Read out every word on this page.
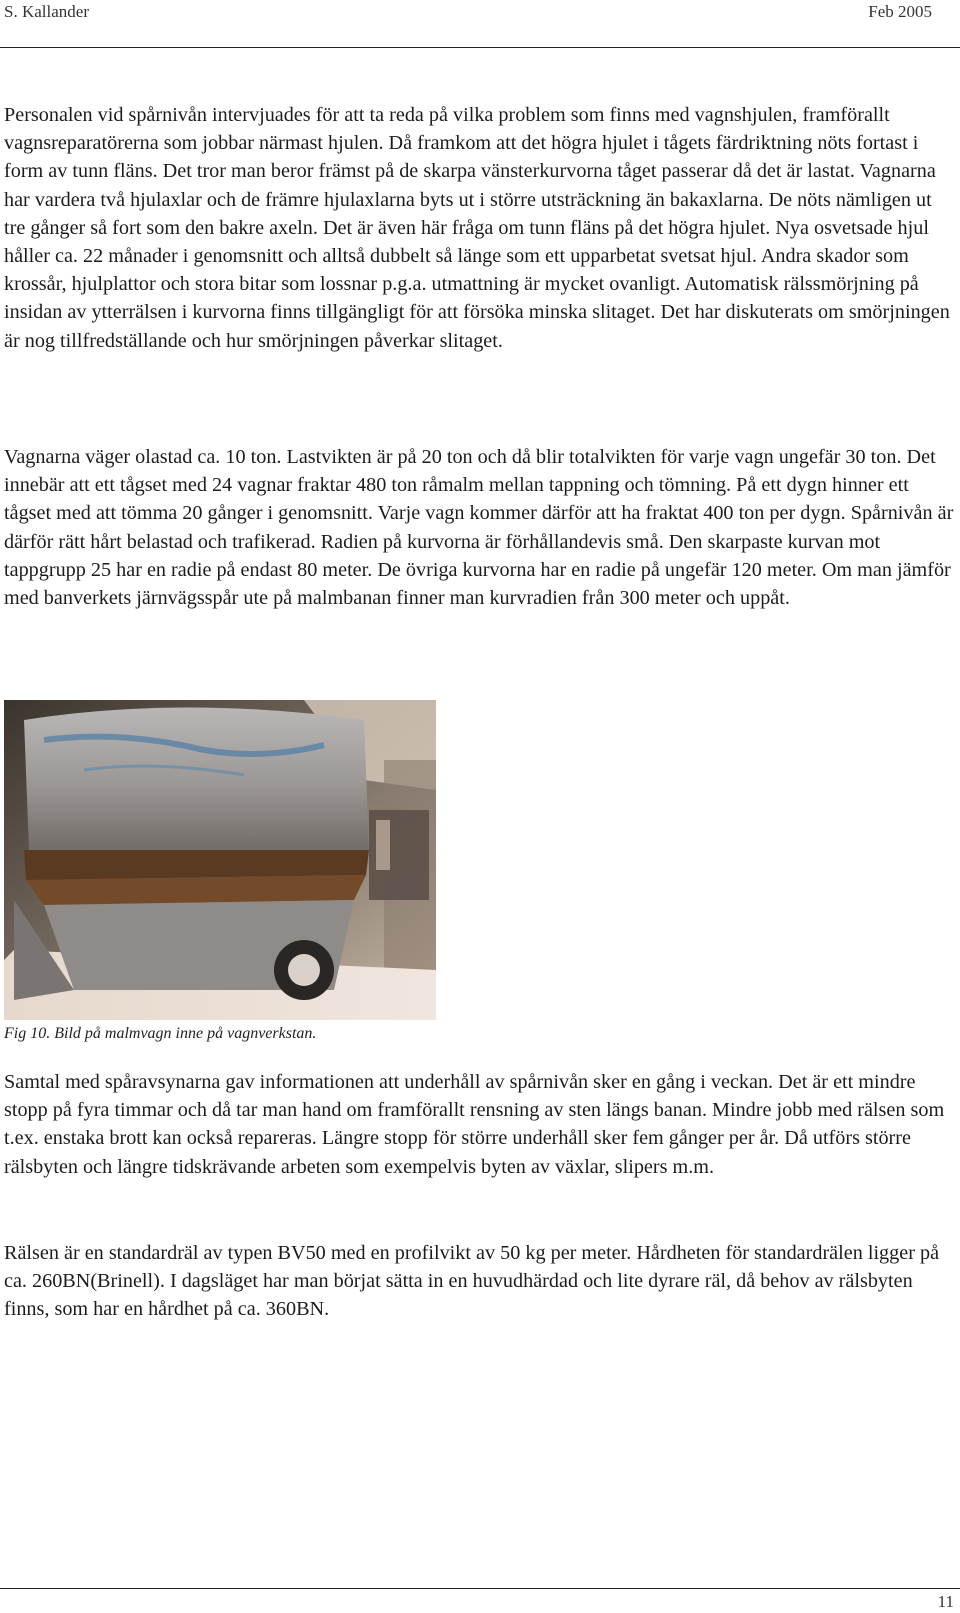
S. Kallander	Feb 2005

Personalen vid spårnivån intervjuades för att ta reda på vilka problem som finns med vagnshjulen, framförallt vagnsreparatörerna som jobbar närmast hjulen. Då framkom att det högra hjulet i tågets färdriktning nöts fortast i form av tunn fläns. Det tror man beror främst på de skarpa vänsterkurvorna tåget passerar då det är lastat. Vagnarna har vardera två hjulaxlar och de främre hjulaxlarna byts ut i större utsträckning än bakaxlarna. De nöts nämligen ut tre gånger så fort som den bakre axeln. Det är även här fråga om tunn fläns på det högra hjulet. Nya osvetsade hjul håller ca. 22 månader i genomsnitt och alltså dubbelt så länge som ett upparbetat svetsat hjul. Andra skador som krossår, hjulplattor och stora bitar som lossnar p.g.a. utmattning är mycket ovanligt. Automatisk rälssmörjning på insidan av ytterrälsen i kurvorna finns tillgängligt för att försöka minska slitaget. Det har diskuterats om smörjningen är nog tillfredställande och hur smörjningen påverkar slitaget.

Vagnarna väger olastad ca. 10 ton. Lastvikten är på 20 ton och då blir totalvikten för varje vagn ungefär 30 ton. Det innebär att ett tågset med 24 vagnar fraktar 480 ton råmalm mellan tappning och tömning. På ett dygn hinner ett tågset med att tömma 20 gånger i genomsnitt. Varje vagn kommer därför att ha fraktat 400 ton per dygn. Spårnivån är därför rätt hårt belastad och trafikerad. Radien på kurvorna är förhållandevis små. Den skarpaste kurvan mot tappgrupp 25 har en radie på endast 80 meter. De övriga kurvorna har en radie på ungefär 120 meter. Om man jämför med banverkets järnvägsspår ute på malmbanan finner man kurvradien från 300 meter och uppåt.

Fig 10. Bild på malmvagn inne på vagnverkstan.

Samtal med spåravsynarna gav informationen att underhåll av spårnivån sker en gång i veckan. Det är ett mindre stopp på fyra timmar och då tar man hand om framförallt rensning av sten längs banan. Mindre jobb med rälsen som t.ex. enstaka brott kan också repareras. Längre stopp för större underhåll sker fem gånger per år. Då utförs större rälsbyten och längre tidskrävande arbeten som exempelvis byten av växlar, slipers m.m.

Rälsen är en standardräl av typen BV50 med en profilvikt av 50 kg per meter. Hårdheten för standardrälen ligger på ca. 260BN(Brinell). I dagsläget har man börjat sätta in en huvudhärdad och lite dyrare räl, då behov av rälsbyten finns, som har en hårdhet på ca. 360BN.

11
